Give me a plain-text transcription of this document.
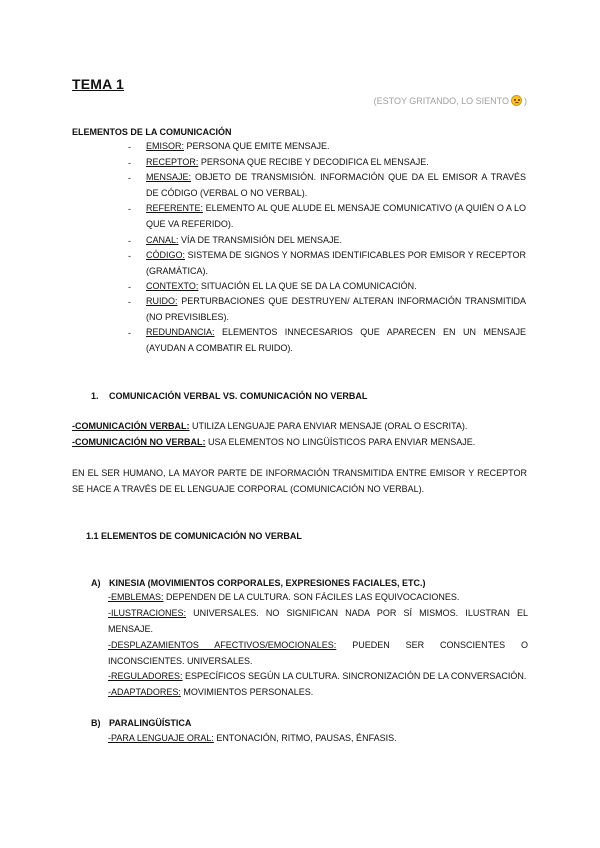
TEMA 1
(ESTOY GRITANDO, LO SIENTO )
ELEMENTOS DE LA COMUNICACIÓN
- EMISOR: PERSONA QUE EMITE MENSAJE.
- RECEPTOR: PERSONA QUE RECIBE Y DECODIFICA EL MENSAJE.
- MENSAJE: OBJETO DE TRANSMISIÓN. INFORMACIÓN QUE DA EL EMISOR A TRAVÉS DE CÓDIGO (VERBAL O NO VERBAL).
- REFERENTE: ELEMENTO AL QUE ALUDE EL MENSAJE COMUNICATIVO (A QUIÉN O A LO QUE VA REFERIDO).
- CANAL: VÍA DE TRANSMISIÓN DEL MENSAJE.
- CÓDIGO: SISTEMA DE SIGNOS Y NORMAS IDENTIFICABLES POR EMISOR Y RECEPTOR (GRAMÁTICA).
- CONTEXTO: SITUACIÓN EL LA QUE SE DA LA COMUNICACIÓN.
- RUIDO: PERTURBACIONES QUE DESTRUYEN/ ALTERAN INFORMACIÓN TRANSMITIDA (NO PREVISIBLES).
- REDUNDANCIA: ELEMENTOS INNECESARIOS QUE APARECEN EN UN MENSAJE (AYUDAN A COMBATIR EL RUIDO).
1. COMUNICACIÓN VERBAL VS. COMUNICACIÓN NO VERBAL
-COMUNICACIÓN VERBAL: UTILIZA LENGUAJE PARA ENVIAR MENSAJE (ORAL O ESCRITA).
-COMUNICACIÓN NO VERBAL: USA ELEMENTOS NO LINGÜÍSTICOS PARA ENVIAR MENSAJE.
EN EL SER HUMANO, LA MAYOR PARTE DE INFORMACIÓN TRANSMITIDA ENTRE EMISOR Y RECEPTOR SE HACE A TRAVÉS DE EL LENGUAJE CORPORAL (COMUNICACIÓN NO VERBAL).
1.1 ELEMENTOS DE COMUNICACIÓN NO VERBAL
A) KINESIA (MOVIMIENTOS CORPORALES, EXPRESIONES FACIALES, ETC.)
-EMBLEMAS: DEPENDEN DE LA CULTURA. SON FÁCILES LAS EQUIVOCACIONES.
-ILUSTRACIONES: UNIVERSALES. NO SIGNIFICAN NADA POR SÍ MISMOS. ILUSTRAN EL MENSAJE.
-DESPLAZAMIENTOS AFECTIVOS/EMOCIONALES: PUEDEN SER CONSCIENTES O INCONSCIENTES. UNIVERSALES.
-REGULADORES: ESPECÍFICOS SEGÚN LA CULTURA. SINCRONIZACIÓN DE LA CONVERSACIÓN.
-ADAPTADORES: MOVIMIENTOS PERSONALES.
B) PARALINGÜÍSTICA
-PARA LENGUAJE ORAL: ENTONACIÓN, RITMO, PAUSAS, ÉNFASIS.
